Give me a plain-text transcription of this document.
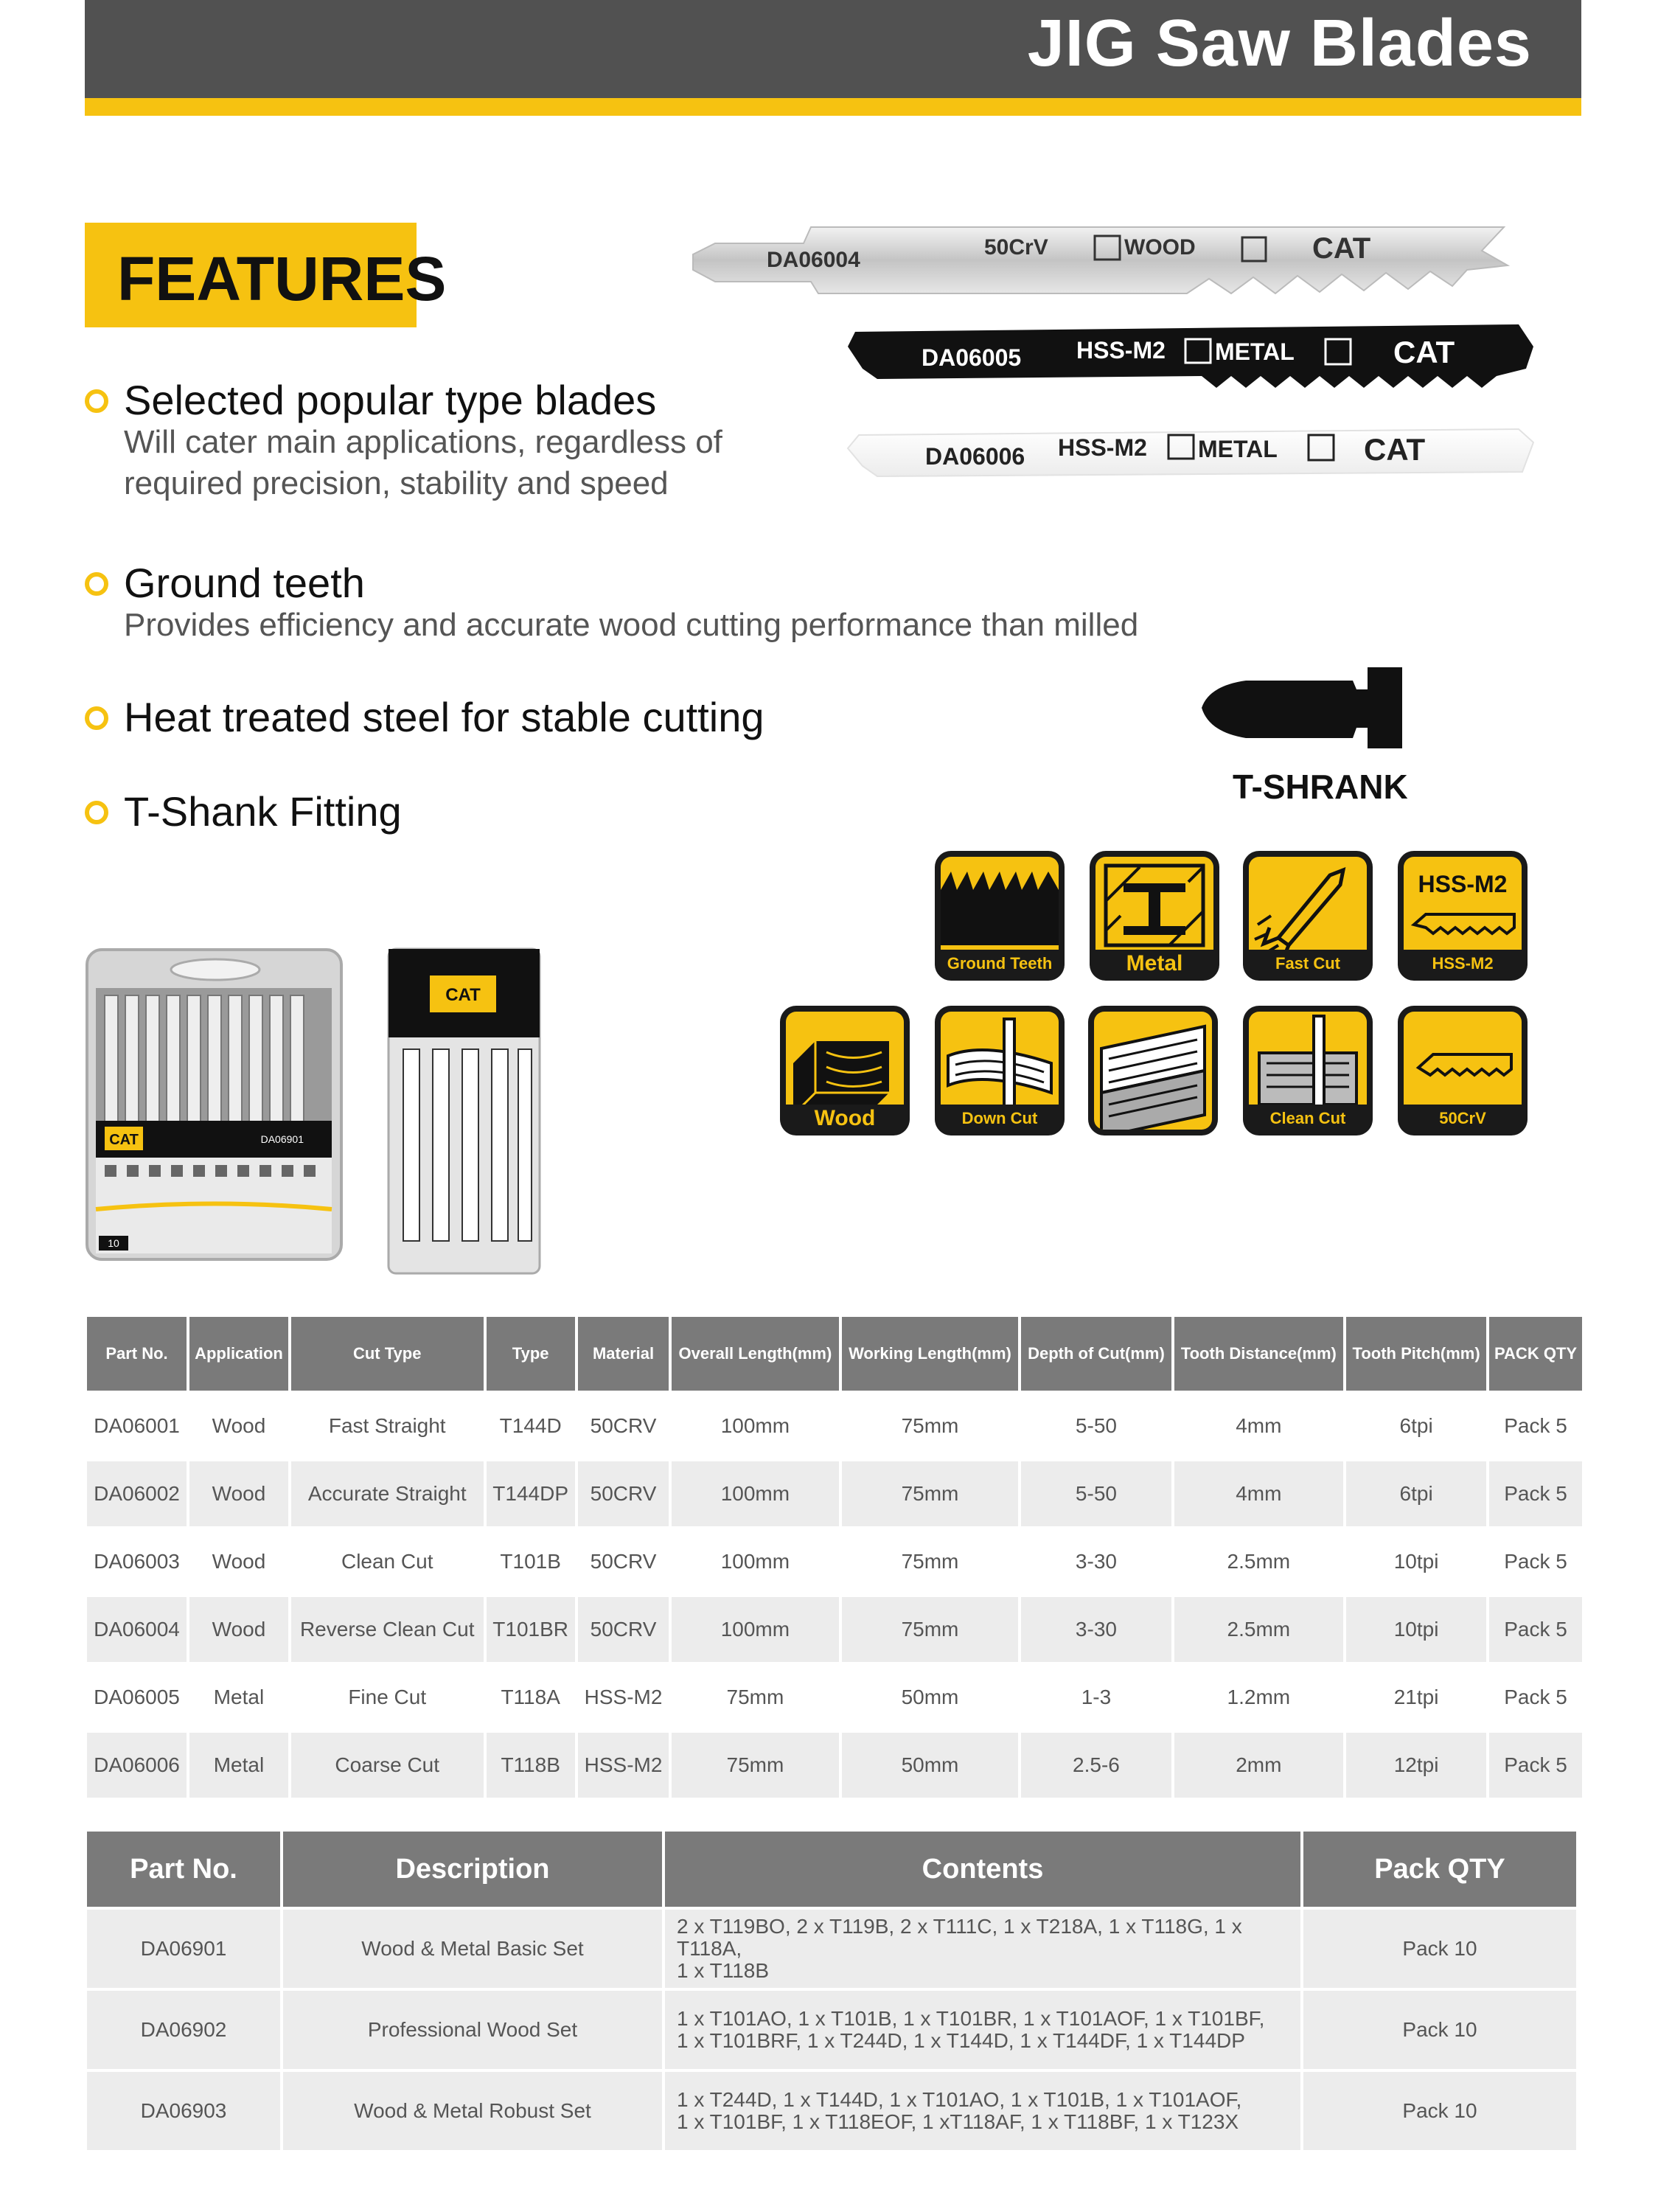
JIG Saw Blades
FEATURES
Selected popular type blades
Will cater main applications, regardless of
required precision, stability and speed
Ground teeth
Provides efficiency and accurate wood cutting performance than milled
Heat treated steel for stable cutting
T-Shank Fitting
DA06004
50CrV	WOOD	CAT
DA06005 HSS-M2 METAL	CAT
DA06006 HSS-M2 METAL	CAT
T-SHRANK
Ground Teeth	Metal	Fast Cut
HSS-M2
HSS-M2
Wood	Down Cut	Clean Cut	50CrV
CAT	DA06901
10
CAT
Part No.	Application	Cut Type	Type	Material	Overall Length(mm)	Working Length(mm)	Depth of Cut(mm)	Tooth Distance(mm)	Tooth Pitch(mm)	PACK QTY
DA06001	Wood	Fast Straight	T144D	50CRV	100mm	75mm	5-50	4mm	6tpi	Pack 5
DA06002	Wood	Accurate Straight	T144DP	50CRV	100mm	75mm	5-50	4mm	6tpi	Pack 5
DA06003	Wood	Clean Cut	T101B	50CRV	100mm	75mm	3-30	2.5mm	10tpi	Pack 5
DA06004	Wood	Reverse Clean Cut	T101BR	50CRV	100mm	75mm	3-30	2.5mm	10tpi	Pack 5
DA06005	Metal	Fine Cut	T118A	HSS-M2	75mm	50mm	1-3	1.2mm	21tpi	Pack 5
DA06006	Metal	Coarse Cut	T118B	HSS-M2	75mm	50mm	2.5-6	2mm	12tpi	Pack 5
Part No.	Description	Contents	Pack QTY
DA06901	Wood & Metal Basic Set	2 x T119BO, 2 x T119B, 2 x T111C, 1 x T218A, 1 x T118G, 1 x T118A,
1 x T118B	Pack 10
DA06902	Professional Wood Set	1 x T101AO, 1 x T101B, 1 x T101BR, 1 x T101AOF, 1 x T101BF,
1 x T101BRF, 1 x T244D, 1 x T144D, 1 x T144DF, 1 x T144DP	Pack 10
DA06903	Wood & Metal Robust Set	1 x T244D, 1 x T144D, 1 x T101AO, 1 x T101B, 1 x T101AOF,
1 x T101BF, 1 x T118EOF, 1 xT118AF, 1 x T118BF, 1 x T123X	Pack 10
